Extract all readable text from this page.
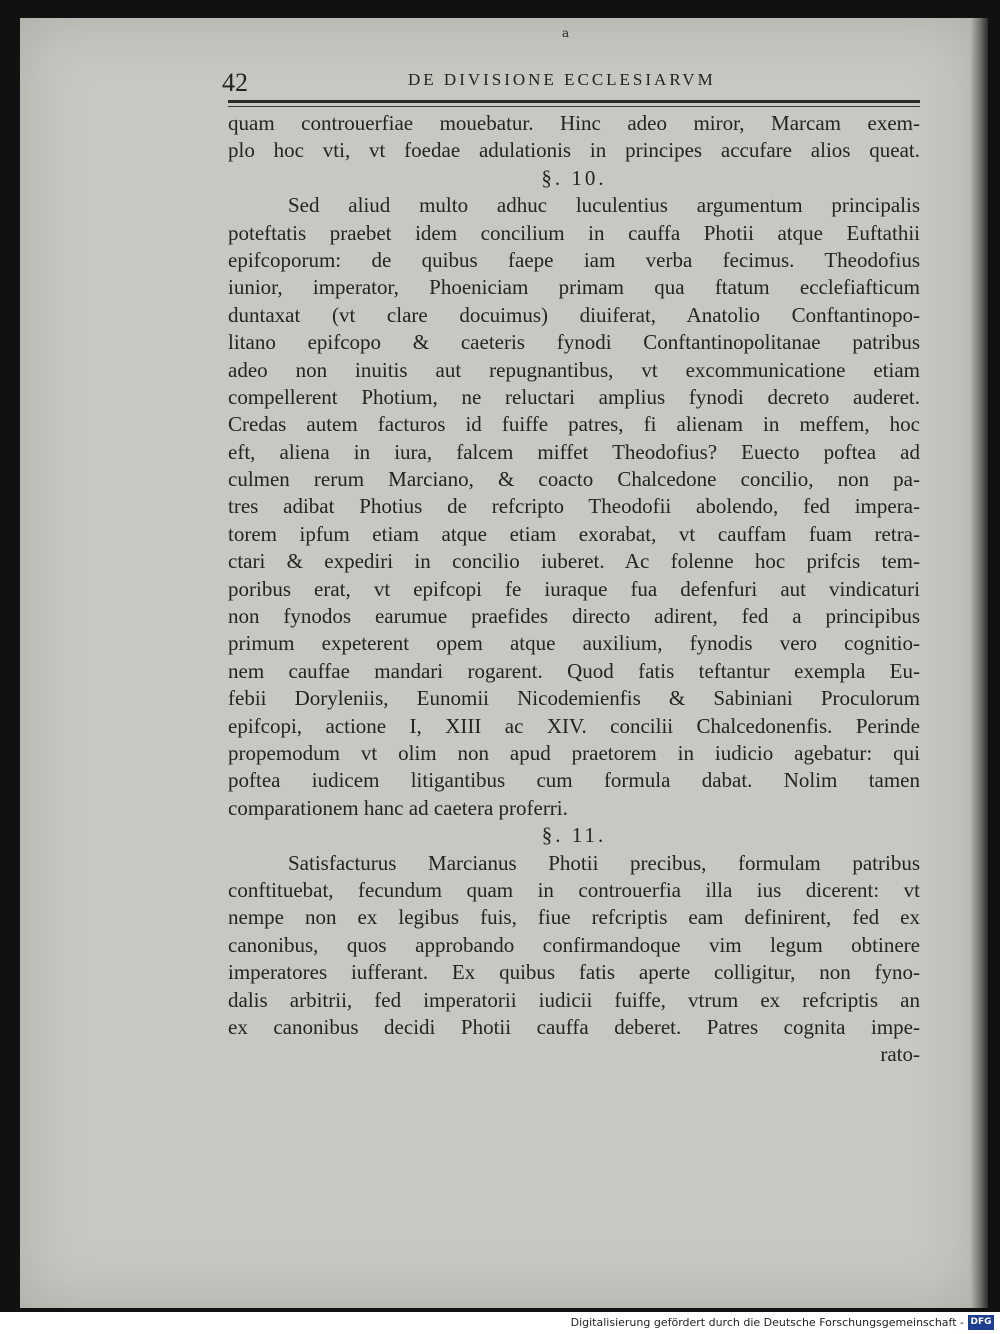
a
42	DE DIVISIONE ECCLESIARVM
quam controuerfiae mouebatur. Hinc adeo miror, Marcam exem-
plo hoc vti, vt foedae adulationis in principes accufare alios queat.
§. 10.
Sed aliud multo adhuc luculentius argumentum principalis
poteftatis praebet idem concilium in cauffa Photii atque Euftathii
epifcoporum: de quibus faepe iam verba fecimus. Theodofius
iunior, imperator, Phoeniciam primam qua ftatum ecclefiafticum
duntaxat (vt clare docuimus) diuiferat, Anatolio Conftantinopo-
litano epifcopo & caeteris fynodi Conftantinopolitanae patribus
adeo non inuitis aut repugnantibus, vt excommunicatione etiam
compellerent Photium, ne reluctari amplius fynodi decreto auderet.
Credas autem facturos id fuiffe patres, fi alienam in meffem, hoc
eft, aliena in iura, falcem miffet Theodofius? Euecto poftea ad
culmen rerum Marciano, & coacto Chalcedone concilio, non pa-
tres adibat Photius de refcripto Theodofii abolendo, fed impera-
torem ipfum etiam atque etiam exorabat, vt cauffam fuam retra-
ctari & expediri in concilio iuberet. Ac folenne hoc prifcis tem-
poribus erat, vt epifcopi fe iuraque fua defenfuri aut vindicaturi
non fynodos earumue praefides directo adirent, fed a principibus
primum expeterent opem atque auxilium, fynodis vero cognitio-
nem cauffae mandari rogarent. Quod fatis teftantur exempla Eu-
febii Doryleniis, Eunomii Nicodemienfis & Sabiniani Proculorum
epifcopi, actione I, XIII ac XIV. concilii Chalcedonenfis. Perinde
propemodum vt olim non apud praetorem in iudicio agebatur: qui
poftea iudicem litigantibus cum formula dabat. Nolim tamen
comparationem hanc ad caetera proferri.
§. 11.
Satisfacturus Marcianus Photii precibus, formulam patribus
conftituebat, fecundum quam in controuerfia illa ius dicerent: vt
nempe non ex legibus fuis, fiue refcriptis eam definirent, fed ex
canonibus, quos approbando confirmandoque vim legum obtinere
imperatores iufferant. Ex quibus fatis aperte colligitur, non fyno-
dalis arbitrii, fed imperatorii iudicii fuiffe, vtrum ex refcriptis an
ex canonibus decidi Photii cauffa deberet. Patres cognita impe-
rato-
Digitalisierung gefördert durch die Deutsche Forschungsgemeinschaft - DFG
